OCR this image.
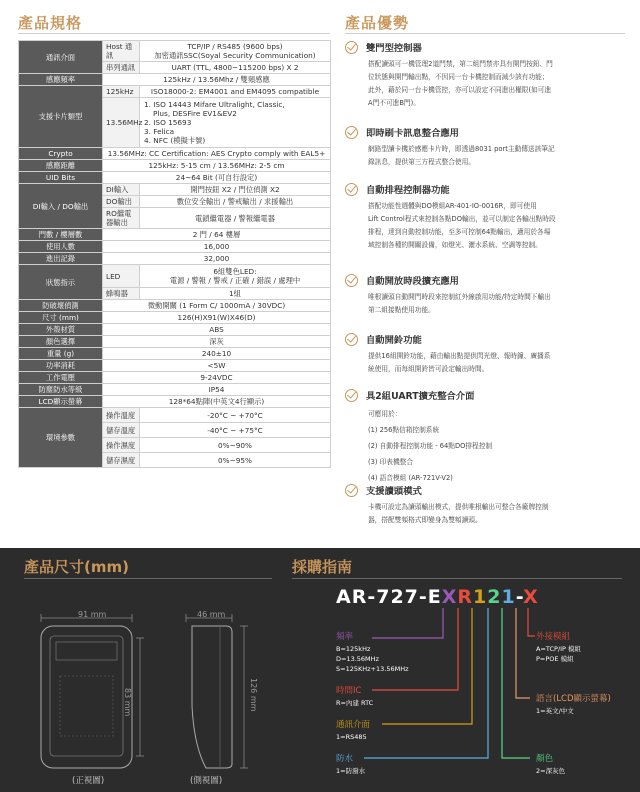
產品規格	產品優勢
通訊介面	Host 通訊	TCP/IP / RS485 (9600 bps)
加密通訊SSC(Soyal Security Communication)

	串列通訊	UART (TTL, 4800~115200 bps) X 2
感應頻率	125kHz / 13.56Mhz / 雙頻感應	
支援卡片類型	125kHz	ISO18000-2: EM4001 and EM4095 compatible
	13.56MHz	1. ISO 14443 Mifare Ultralight, Classic,
Plus, DESFire EV1&EV2
2. ISO 15693
3. Felica
4. NFC (模擬卡號)

Crypto	13.56MHz: CC Certification: AES Crypto comply with EAL5+	
感應距離	125kHz: 5-15 cm / 13.56MHz: 2-5 cm	
UID Bits	24~64 Bit (可自行設定)	
DI輸入 / DO輸出	DI輸入	開門按鈕 X2 / 門位偵測 X2
	DO輸出	數位安全輸出 / 警戒輸出 / 求援輸出
	RO繼電器輸出	電鎖繼電器 / 警報繼電器
門數 / 樓層數	2 門 / 64 樓層	
使用人數	16,000	
進出記錄	32,000	
狀態指示	LED	6組雙色LED:
電源 / 警報 / 警戒 / 正確 / 錯誤 / 處理中

	蜂鳴器	1組
防破壞偵測	微動開關 (1 Form C/ 1000mA / 30VDC)	
尺寸 (mm)	126(H)X91(W)X46(D)	
外殼材質	ABS	
顏色選擇	深灰	
重量 (g)	240±10	
功率消耗	<5W	
工作電壓	9-24VDC	
防塵防水等級	IP54	
LCD顯示螢幕	128*64點陣(中英文4行顯示)	
環境參數	操作溫度	-20°C ~ +70°C
	儲存溫度	-40°C ~ +75°C
	操作濕度	0%~90%
	儲存濕度	0%~95%
雙門型控制器
搭配讀頭可一機管理2道門禁，第二組門禁亦具有開門按鈕、門
位狀態與開門輸出點，不因同一台卡機控制而減少該有功能；
此外，藉於同一台卡機管控，亦可以設定不同進出權限(如可進
A門不可進B門)。
即時刷卡訊息整合應用
網路型讀卡機於感應卡片時，即透過8031 port主動傳送該筆記
錄訊息，提供第三方程式整合使用。
自動排程控制器功能
搭配功能性週體與DO模組AR-401-IO-0016R，即可使用
Lift Control程式來控制各點DO輸出，並可以制定各輸出點時段
排程，達到自動控制功能，至多可控制64點輸出，適用於各場
域控制各種的開關設備，如燈光、灑水系統、空調等控制。
自動開放時段擴充應用
唯根讀頭自動開門時段來控制紅外線啟用功能/特定時間下輸出
第二組接點使用功能。
自動開鈴功能
提供16組開鈴功能，藉由輸出點提供閃光燈、報時鐘、廣播系
統使用，而每組開鈴皆可設定輸出時間。
具2組UART擴充整合介面
可應用於：
(1) 256點信箱控制系統
(2) 自動排程控制功能 - 64點DO排程控制
(3) 印表機整合
(4) 語音模組 (AR-721V-V2)
支援讀頭模式
卡機可設定為讀頭輸出模式，提供唯根輸出可整合各廠牌控制
器，搭配雙頻格式即變身為雙頻讀頭。
產品尺寸(mm)	採購指南
91 mm	46 mm
83 mm	126 mm
(正視圖)	(側視圖)
AR-727-EXR121-X
頻率
B=125kHz
D=13.56MHz
S=125KHz+13.56MHz
時間IC
R=內建 RTC
通訊介面
1=RS485
防水
1=防潑水
外接模組
A=TCP/IP 模組
P=POE 模組
語言(LCD顯示螢幕)
1=英文/中文
顏色
2=深灰色
